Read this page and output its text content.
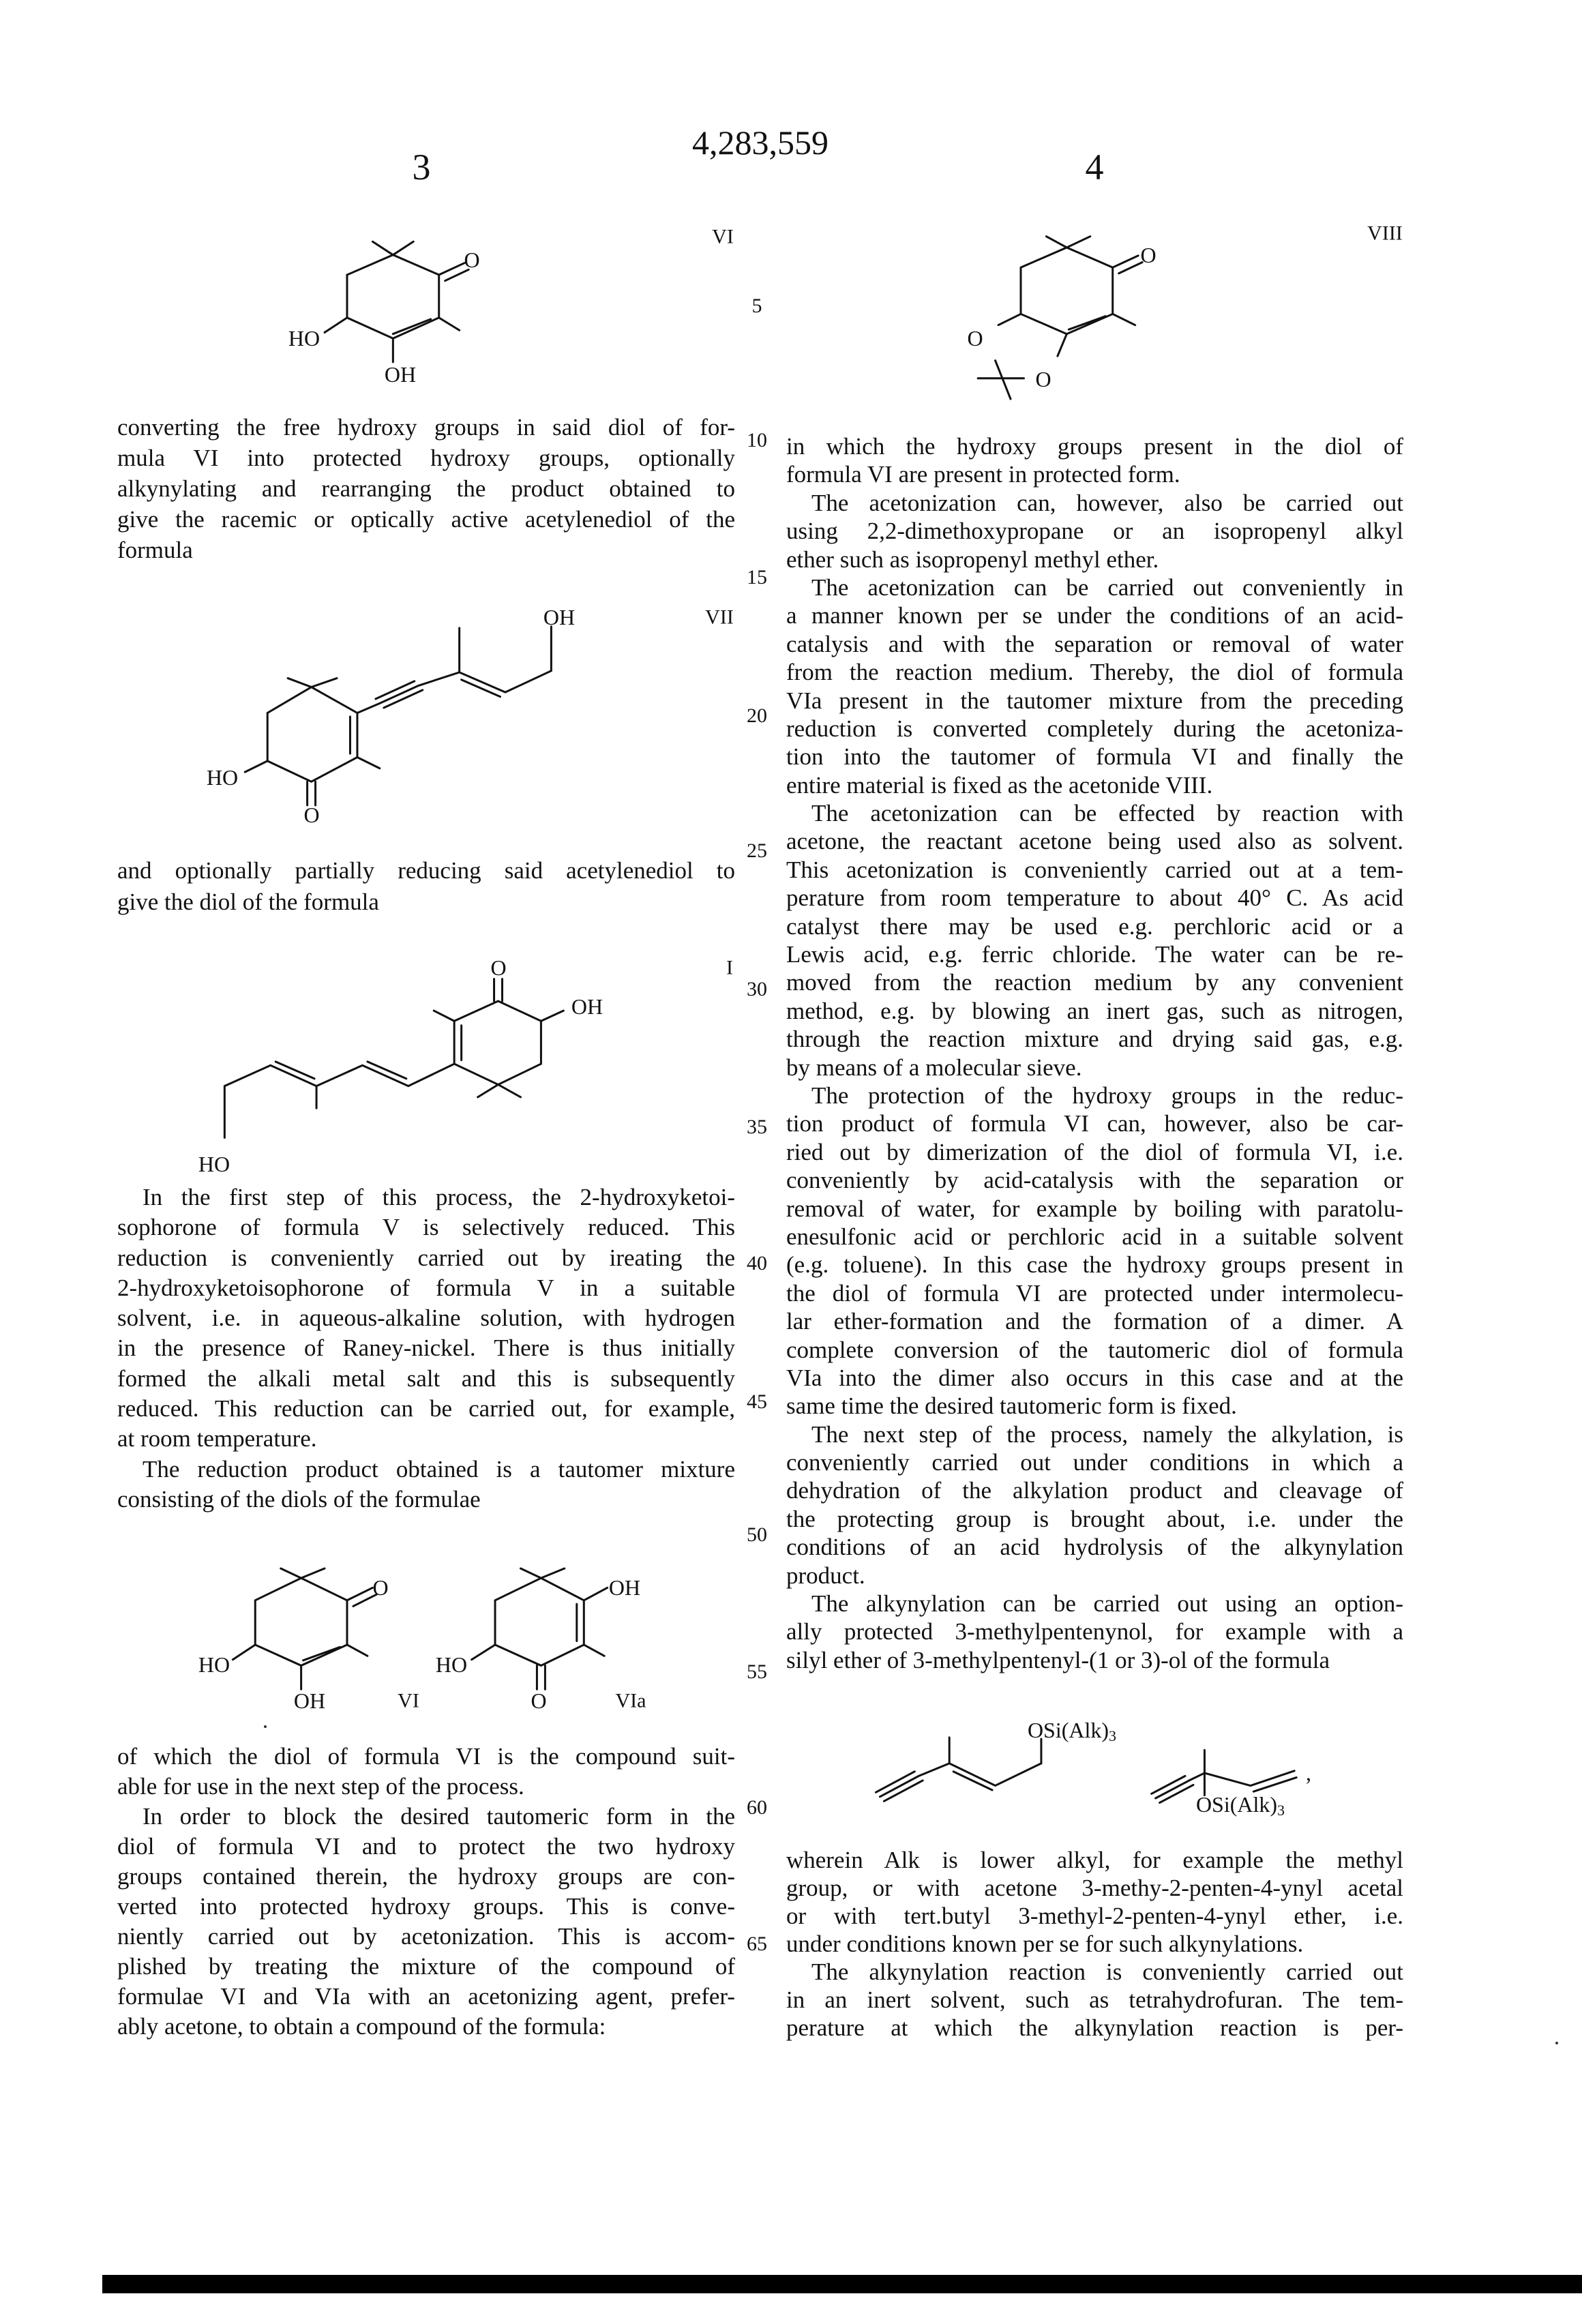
4,283,559
3	4
converting the free hydroxy groups in said diol of for-
mula VI into protected hydroxy groups, optionally
alkynylating and rearranging the product obtained to
give the racemic or optically active acetylenediol of the
formula
and optionally partially reducing said acetylenediol to
give the diol of the formula
In the first step of this process, the 2-hydroxyketoi-
sophorone of formula V is selectively reduced. This
reduction is conveniently carried out by ireating the
2-hydroxyketoisophorone of formula V in a suitable
solvent, i.e. in aqueous-alkaline solution, with hydrogen
in the presence of Raney-nickel. There is thus initially
formed the alkali metal salt and this is subsequently
reduced. This reduction can be carried out, for example,
at room temperature.
The reduction product obtained is a tautomer mixture
consisting of the diols of the formulae
of which the diol of formula VI is the compound suit-
able for use in the next step of the process.
In order to block the desired tautomeric form in the
diol of formula VI and to protect the two hydroxy
groups contained therein, the hydroxy groups are con-
verted into protected hydroxy groups. This is conve-
niently carried out by acetonization. This is accom-
plished by treating the mixture of the compound of
formulae VI and VIa with an acetonizing agent, prefer-
ably acetone, to obtain a compound of the formula:
in which the hydroxy groups present in the diol of
formula VI are present in protected form.
The acetonization can, however, also be carried out
using 2,2-dimethoxypropane or an isopropenyl alkyl
ether such as isopropenyl methyl ether.
The acetonization can be carried out conveniently in
a manner known per se under the conditions of an acid-
catalysis and with the separation or removal of water
from the reaction medium. Thereby, the diol of formula
VIa present in the tautomer mixture from the preceding
reduction is converted completely during the acetoniza-
tion into the tautomer of formula VI and finally the
entire material is fixed as the acetonide VIII.
The acetonization can be effected by reaction with
acetone, the reactant acetone being used also as solvent.
This acetonization is conveniently carried out at a tem-
perature from room temperature to about 40° C. As acid
catalyst there may be used e.g. perchloric acid or a
Lewis acid, e.g. ferric chloride. The water can be re-
moved from the reaction medium by any convenient
method, e.g. by blowing an inert gas, such as nitrogen,
through the reaction mixture and drying said gas, e.g.
by means of a molecular sieve.
The protection of the hydroxy groups in the reduc-
tion product of formula VI can, however, also be car-
ried out by dimerization of the diol of formula VI, i.e.
conveniently by acid-catalysis with the separation or
removal of water, for example by boiling with paratolu-
enesulfonic acid or perchloric acid in a suitable solvent
(e.g. toluene). In this case the hydroxy groups present in
the diol of formula VI are protected under intermolecu-
lar ether-formation and the formation of a dimer. A
complete conversion of the tautomeric diol of formula
VIa into the dimer also occurs in this case and at the
same time the desired tautomeric form is fixed.
The next step of the process, namely the alkylation, is
conveniently carried out under conditions in which a
dehydration of the alkylation product and cleavage of
the protecting group is brought about, i.e. under the
conditions of an acid hydrolysis of the alkynylation
product.
The alkynylation can be carried out using an option-
ally protected 3-methylpentenynol, for example with a
silyl ether of 3-methylpentenyl-(1 or 3)-ol of the formula
wherein Alk is lower alkyl, for example the methyl
group, or with acetone 3-methy-2-penten-4-ynyl acetal
or with tert.butyl 3-methyl-2-penten-4-ynyl ether, i.e.
under conditions known per se for such alkynylations.
The alkynylation reaction is conveniently carried out
in an inert solvent, such as tetrahydrofuran. The tem-
perature at which the alkynylation reaction is per-
5
10
15
20
25
30
35
40
45
50
55
60
65
O
HO
OH
VI
O
O
O
VIII
OH	VII
HO
O
O
OH
I
HO
O
HO
OH	VI
OH
HO
O	VIa
OSi(Alk)3
OSi(Alk)3
,
